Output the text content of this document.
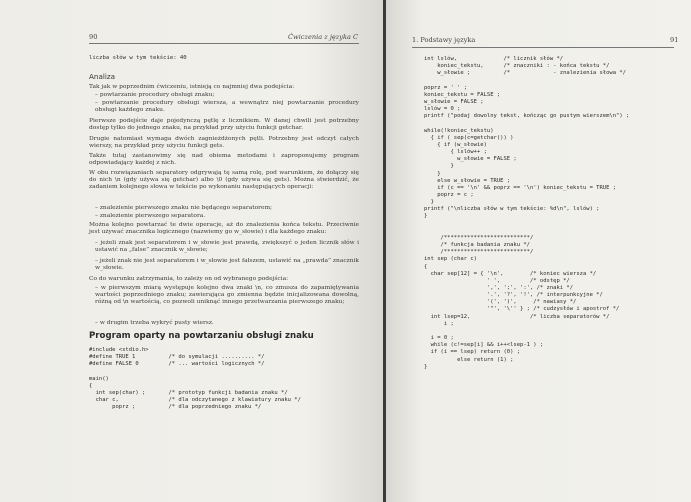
90	Ćwiczenia z języka C
liczba słów w tym tekście: 40
Analiza
Tak jak w poprzednim ćwiczeniu, istnieją co najmniej dwa podejścia:
– powtarzanie procedury obsługi znaku;
– powtarzanie procedury obsługi wiersza, a wewnątrz niej powtarzanie procedury obsługi każdego znaku.
Pierwsze podejście daje pojedynczą pętlę z licznikiem. W danej chwili jest potrzebny dostęp tylko do jednego znaku, na przykład przy użyciu funkcji getchar.
Drugie natomiast wymaga dwóch zagnieżdżonych pętli. Potrzebny jest odczyt całych wierszy, na przykład przy użyciu funkcji gets.
Także tutaj zastanowimy się nad obiema metodami i zaproponujemy program odpowiadający każdej z nich.
W obu rozwiązaniach separatory odgrywają tę samą rolę, pod warunkiem, że dołączy się do nich \n (gdy używa się getchar) albo \0 (gdy używa się gets). Można stwierdzić, że zadaniem kolejnego słowa w tekście po wykonaniu następujących operacji:
– znalezienie pierwszego znaku nie będącego separatorem;
– znalezienie pierwszego separatora.
Można kolejno powtarzać te dwie operacje, aż do znalezienia końca tekstu. Przeciwnie jest używać znacznika logicznego (nazwiemy go w_słowie) i dla każdego znaku:
– jeżeli znak jest separatorem i w_słowie jest prawdą, zwiększyć o jeden licznik słów i ustawić na „false” znacznik w_słowie;
– jeżeli znak nie jest separatorem i w_słowie jest fałszem, ustawić na „prawda” znacznik w_słowie.
Co do warunku zatrzymania, to zależy on od wybranego podejścia:
– w pierwszym miarą występuje kolejno dwa znaki \n, co zmusza do zapamiętywania wartości poprzedniego znaku; zawierająca go zmienna będzie inicjalizowana dowolną, różną od \n wartością, co pozwoli uniknąć innego przetwarzania pierwszego znaku;
– w drugim trzeba wykryć pusty wiersz.
Program oparty na powtarzaniu obsługi znaku
#include <stdio.h>
#define TRUE 1          /* do symulacji .......... */
#define FALSE 0         /* ... wartości logicznych */

main()
{
int sep(char) ;       /* prototyp funkcji badania znaku */
char c,               /* dla odczytanego z klawiatury znaku */
poprz ;          /* dla poprzedniego znaku */
1. Podstawy języka	91
int lslów,              /* licznik słów */
koniec_tekstu,      /* znaczniki : - końca tekstu */
w_słowie ;          /*             - znalezienia słowa */

poprz = ' ' ;
koniec_tekstu = FALSE ;
w_słowie = FALSE ;
lslów = 0 ;
printf ("podaj dowolny tekst, kończąc go pustym wierszem\n") ;

while(!koniec_tekstu)
{ if ( sep(c=getchar()) )
{ if (w_słowie)
{ lslów++ ;
w_słowie = FALSE ;
}
}
else w_słowie = TRUE ;
if (c == '\n' && poprz == '\n') koniec_tekstu = TRUE ;
poprz = c ;
}
printf ("\nliczba słów w tym tekście: %d\n", lslów) ;
}

/**************************/
/* funkcja badania znaku */
/**************************/
int sep (char c)
{
char sep[12] = { '\n',        /* koniec wiersza */
' ',         /* odstęp */
',', ';', ':', /* znaki */
'.', '?', '!', /* interpunkcyjne */
'(', ')',     /* nawiasy */
'"', '\'' } ; /* cudzysłów i apostrof */
int lsep=12,                  /* liczba separatorów */
i ;

i = 0 ;
while (c!=sep[i] && i++<lsep-1 ) ;
if (i == lsep) return (0) ;
else return (1) ;
}
